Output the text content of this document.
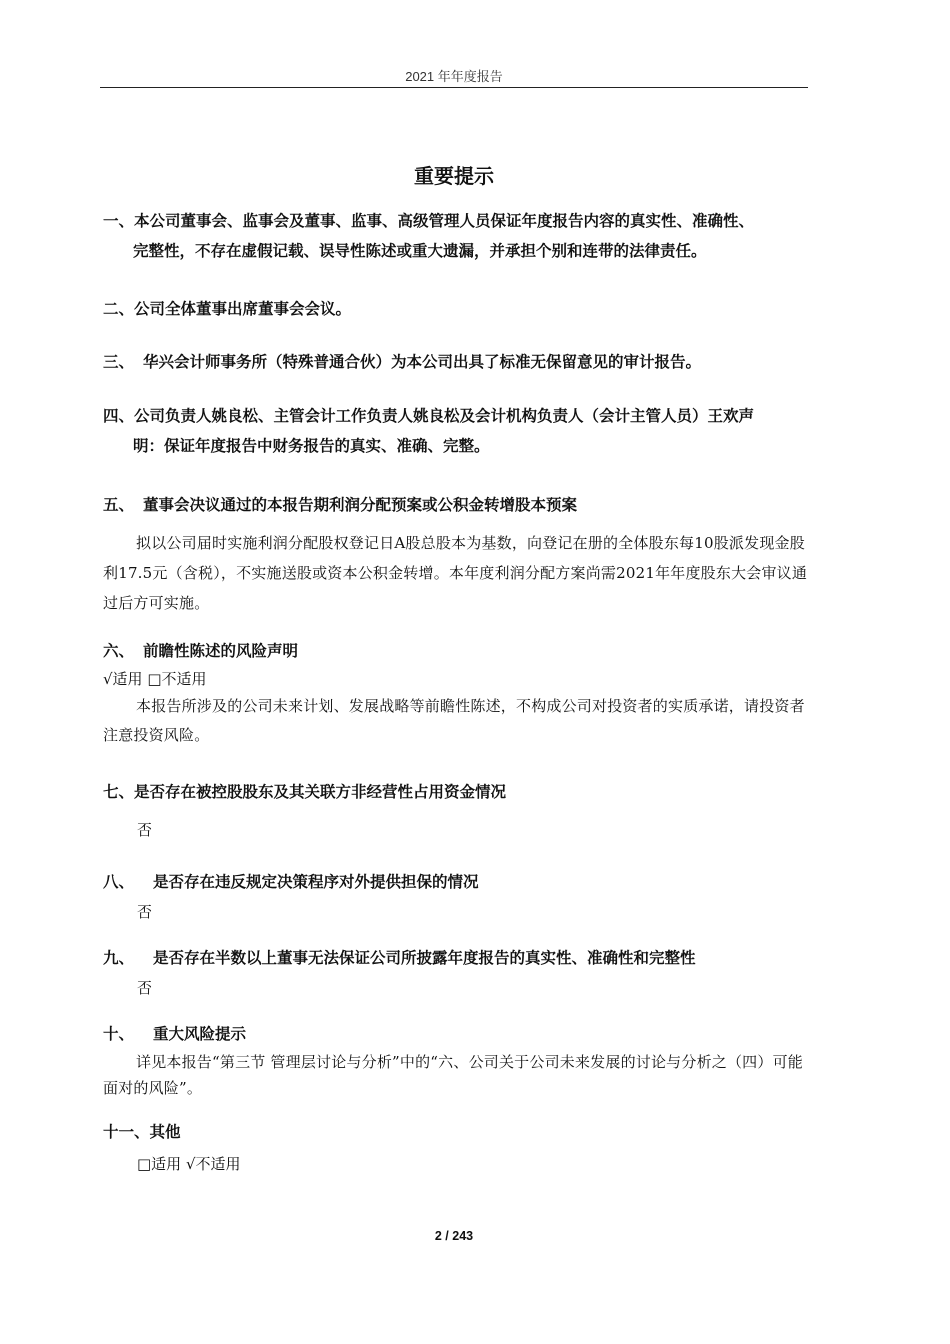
2021 年年度报告
重要提示
一、本公司董事会、监事会及董事、监事、高级管理人员保证年度报告内容的真实性、准确性、
完整性，不存在虚假记载、误导性陈述或重大遗漏，并承担个别和连带的法律责任。
二、公司全体董事出席董事会会议。
三、 华兴会计师事务所（特殊普通合伙）为本公司出具了标准无保留意见的审计报告。
四、公司负责人姚良松、主管会计工作负责人姚良松及会计机构负责人（会计主管人员）王欢声
明：保证年度报告中财务报告的真实、准确、完整。
五、 董事会决议通过的本报告期利润分配预案或公积金转增股本预案
拟以公司届时实施利润分配股权登记日A股总股本为基数，向登记在册的全体股东每10股派发现金股利17.5元（含税），不实施送股或资本公积金转增。本年度利润分配方案尚需2021年年度股东大会审议通过后方可实施。
六、 前瞻性陈述的风险声明
√适用 □不适用
本报告所涉及的公司未来计划、发展战略等前瞻性陈述，不构成公司对投资者的实质承诺，请投资者注意投资风险。
七、是否存在被控股股东及其关联方非经营性占用资金情况
否
八、 是否存在违反规定决策程序对外提供担保的情况
否
九、 是否存在半数以上董事无法保证公司所披露年度报告的真实性、准确性和完整性
否
十、 重大风险提示
详见本报告“第三节 管理层讨论与分析”中的“六、公司关于公司未来发展的讨论与分析之（四）可能面对的风险”。
十一、其他
□适用 √不适用
2 / 243
